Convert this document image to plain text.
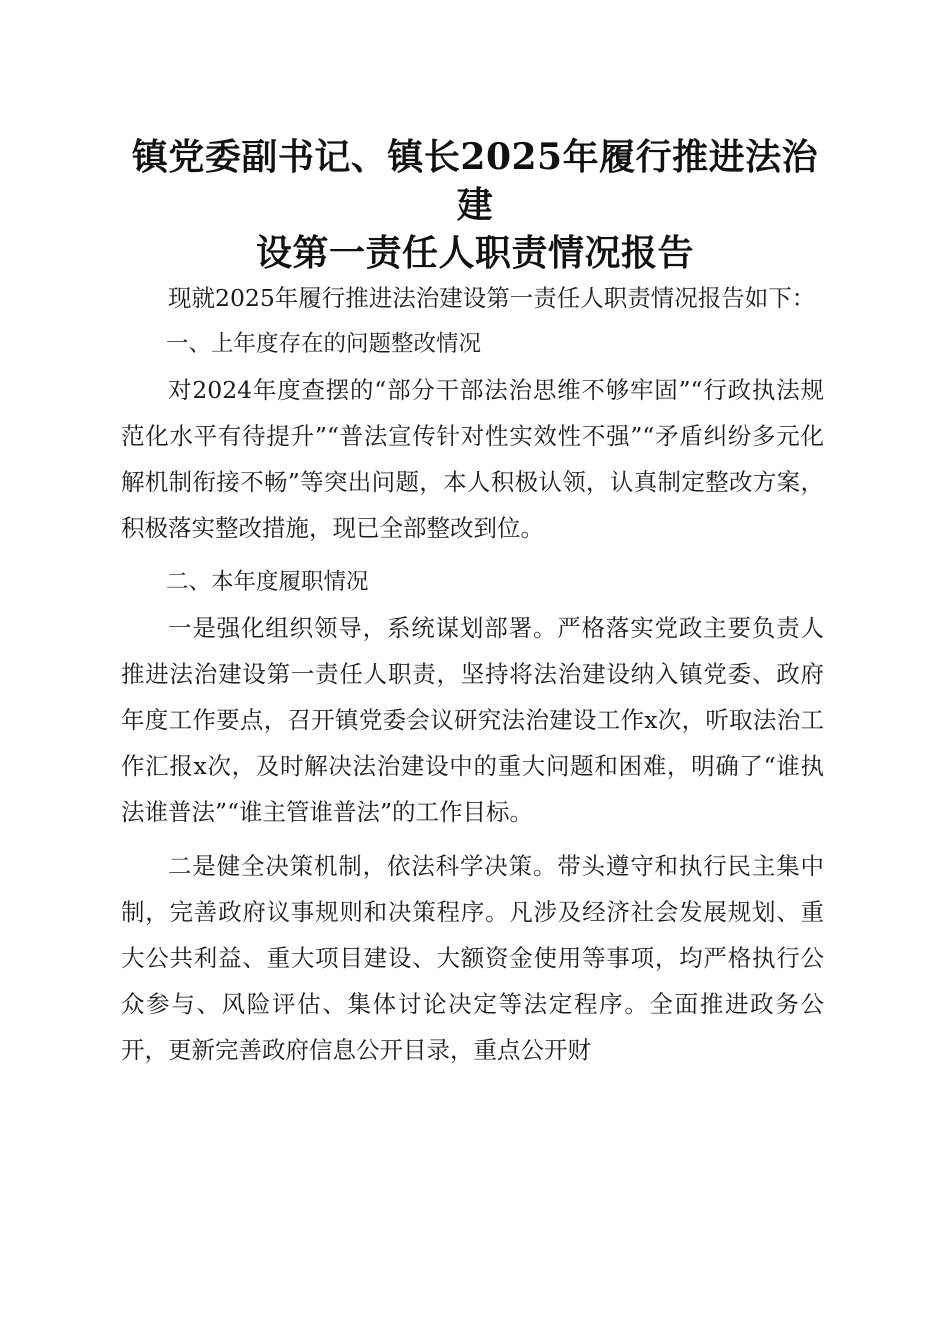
镇党委副书记、镇长2025年履行推进法治建
设第一责任人职责情况报告

现就2025年履行推进法治建设第一责任人职责情况报告如下：

一、上年度存在的问题整改情况

对2024年度查摆的“部分干部法治思维不够牢固”“行政执法规范化水平有待提升”“普法宣传针对性实效性不强”“矛盾纠纷多元化解机制衔接不畅”等突出问题，本人积极认领，认真制定整改方案，积极落实整改措施，现已全部整改到位。

二、本年度履职情况

一是强化组织领导，系统谋划部署。严格落实党政主要负责人推进法治建设第一责任人职责，坚持将法治建设纳入镇党委、政府年度工作要点，召开镇党委会议研究法治建设工作x次，听取法治工作汇报x次，及时解决法治建设中的重大问题和困难，明确了“谁执法谁普法”“谁主管谁普法”的工作目标。

二是健全决策机制，依法科学决策。带头遵守和执行民主集中制，完善政府议事规则和决策程序。凡涉及经济社会发展规划、重大公共利益、重大项目建设、大额资金使用等事项，均严格执行公众参与、风险评估、集体讨论决定等法定程序。全面推进政务公开，更新完善政府信息公开目录，重点公开财
